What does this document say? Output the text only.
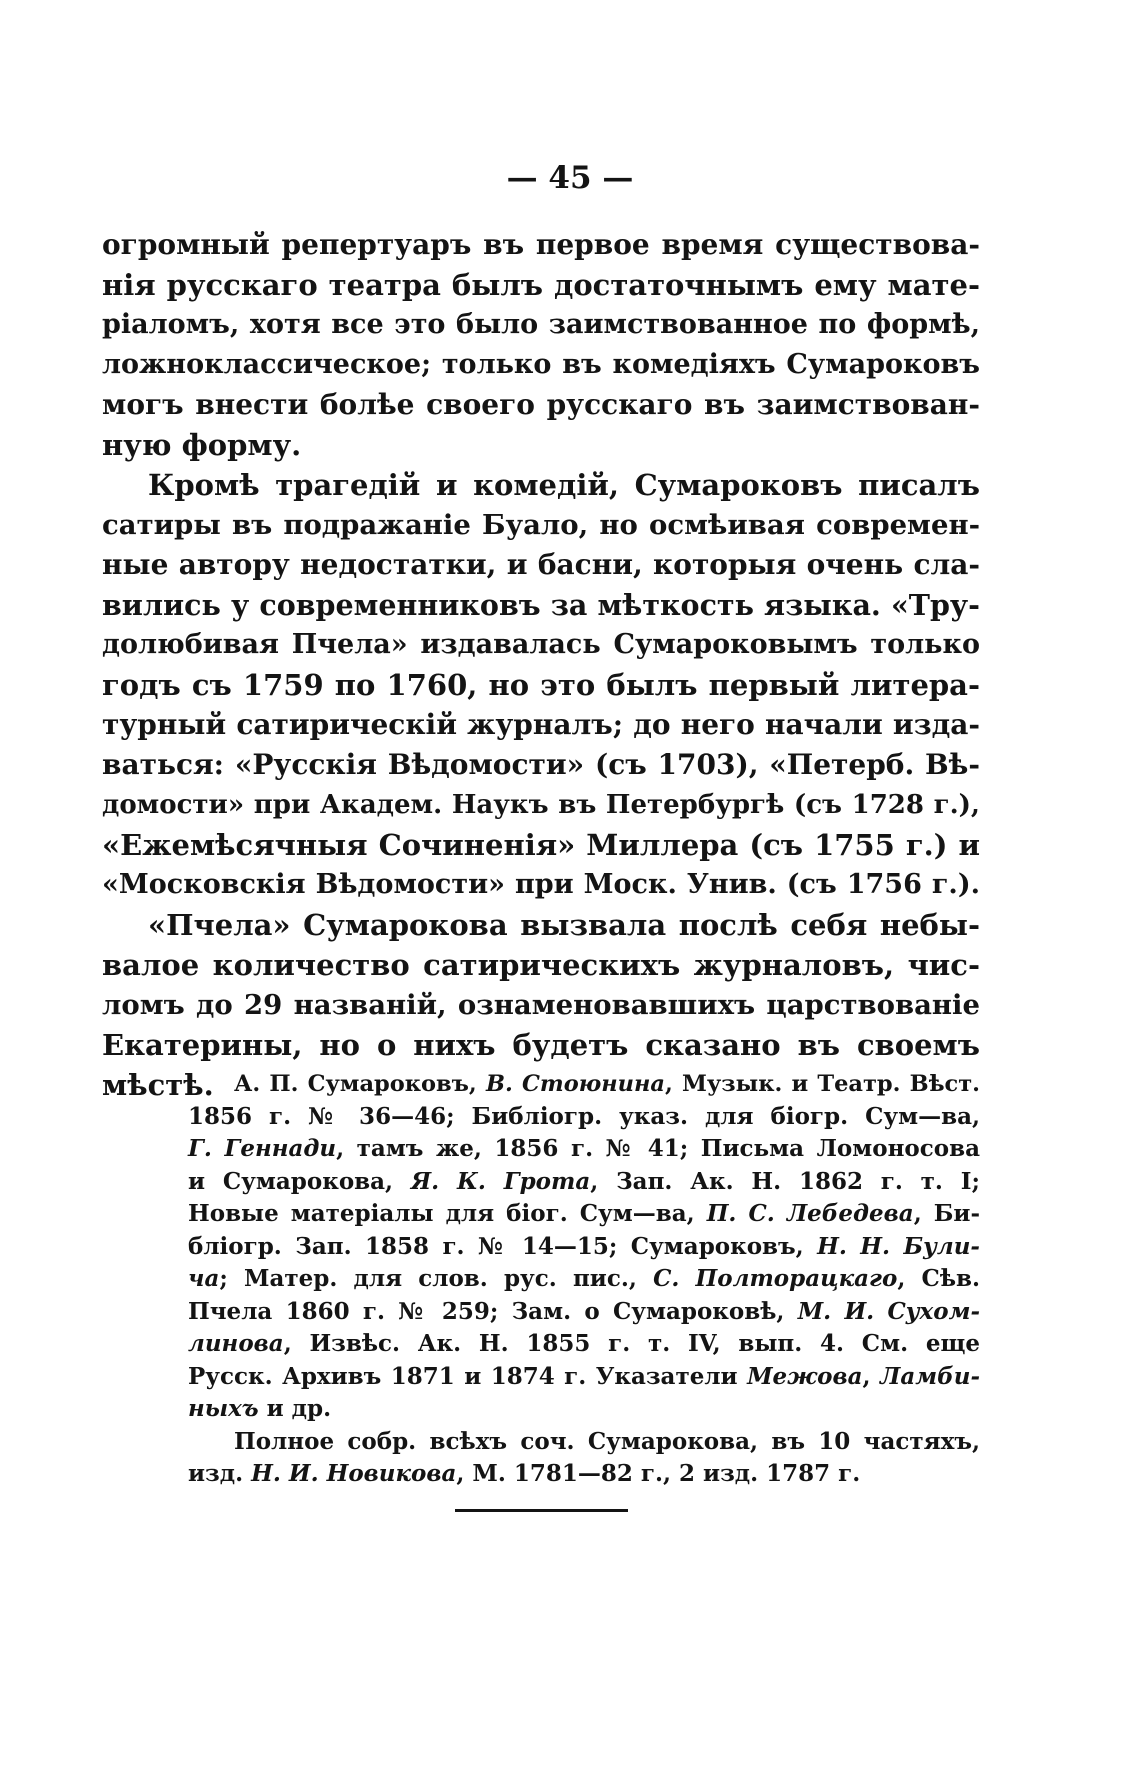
— 45 —
огромный репертуаръ въ первое время существова-
нія русскаго театра былъ достаточнымъ ему мате-
ріаломъ, хотя все это было заимствованное по формѣ,
ложноклассическое; только въ комедіяхъ Сумароковъ
могъ внести болѣе своего русскаго въ заимствован-
ную форму.
Кромѣ трагедій и комедій, Сумароковъ писалъ
сатиры въ подражаніе Буало, но осмѣивая современ-
ные автору недостатки, и басни, которыя очень сла-
вились у современниковъ за мѣткость языка. «Тру-
долюбивая Пчела» издавалась Сумароковымъ только
годъ съ 1759 по 1760, но это былъ первый литера-
турный сатирическій журналъ; до него начали изда-
ваться: «Русскія Вѣдомости» (съ 1703), «Петерб. Вѣ-
домости» при Академ. Наукъ въ Петербургѣ (съ 1728 г.),
«Ежемѣсячныя Сочиненія» Миллера (съ 1755 г.) и
«Московскія Вѣдомости» при Моск. Унив. (съ 1756 г.).
«Пчела» Сумарокова вызвала послѣ себя небы-
валое количество сатирическихъ журналовъ, чис-
ломъ до 29 названій, ознаменовавшихъ царствованіе
Екатерины, но о нихъ будетъ сказано въ своемъ
мѣстѣ. А. П. Сумароковъ, В. Стоюнина, Музык. и Театр. Вѣст.
1856 г. № 36—46; Библіогр. указ. для біогр. Сум—ва,
Г. Геннади, тамъ же, 1856 г. № 41; Письма Ломоносова
и Сумарокова, Я. К. Грота, Зап. Ак. Н. 1862 г. т. I;
Новые матеріалы для біог. Сум—ва, П. С. Лебедева, Би-
бліогр. Зап. 1858 г. № 14—15; Сумароковъ, Н. Н. Були-
ча; Матер. для слов. рус. пис., С. Полторацкаго, Сѣв.
Пчела 1860 г. № 259; Зам. о Сумароковѣ, М. И. Сухом-
линова, Извѣс. Ак. Н. 1855 г. т. IV, вып. 4. См. еще
Русск. Архивъ 1871 и 1874 г. Указатели Межова, Ламби-
ныхъ и др.
Полное собр. всѣхъ соч. Сумарокова, въ 10 частяхъ,
изд. Н. И. Новикова, М. 1781—82 г., 2 изд. 1787 г.
